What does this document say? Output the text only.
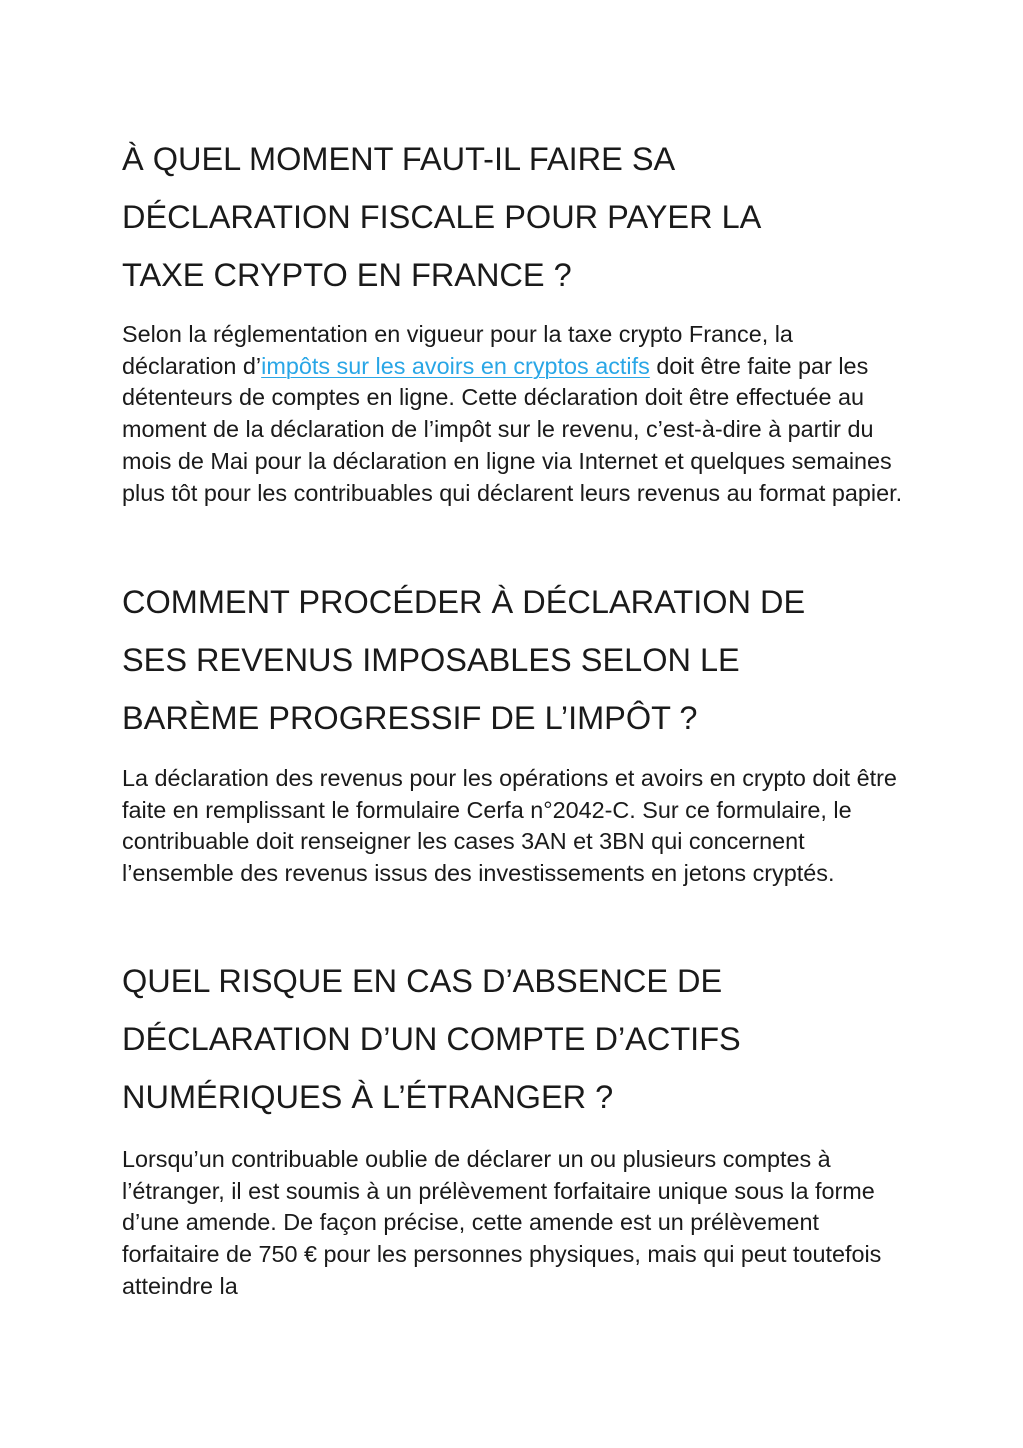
À QUEL MOMENT FAUT-IL FAIRE SA
DÉCLARATION FISCALE POUR PAYER LA
TAXE CRYPTO EN FRANCE ?

Selon la réglementation en vigueur pour la taxe crypto France, la déclaration d’impôts sur les avoirs en cryptos actifs doit être faite par les détenteurs de comptes en ligne. Cette déclaration doit être effectuée au moment de la déclaration de l’impôt sur le revenu, c’est-à-dire à partir du mois de Mai pour la déclaration en ligne via Internet et quelques semaines plus tôt pour les contribuables qui déclarent leurs revenus au format papier.

COMMENT PROCÉDER À DÉCLARATION DE
SES REVENUS IMPOSABLES SELON LE
BARÈME PROGRESSIF DE L’IMPÔT ?

La déclaration des revenus pour les opérations et avoirs en crypto doit être faite en remplissant le formulaire Cerfa n°2042-C. Sur ce formulaire, le contribuable doit renseigner les cases 3AN et 3BN qui concernent l’ensemble des revenus issus des investissements en jetons cryptés.

QUEL RISQUE EN CAS D’ABSENCE DE
DÉCLARATION D’UN COMPTE D’ACTIFS
NUMÉRIQUES À L’ÉTRANGER ?

Lorsqu’un contribuable oublie de déclarer un ou plusieurs comptes à l’étranger, il est soumis à un prélèvement forfaitaire unique sous la forme d’une amende. De façon précise, cette amende est un prélèvement forfaitaire de 750 € pour les personnes physiques, mais qui peut toutefois atteindre la
